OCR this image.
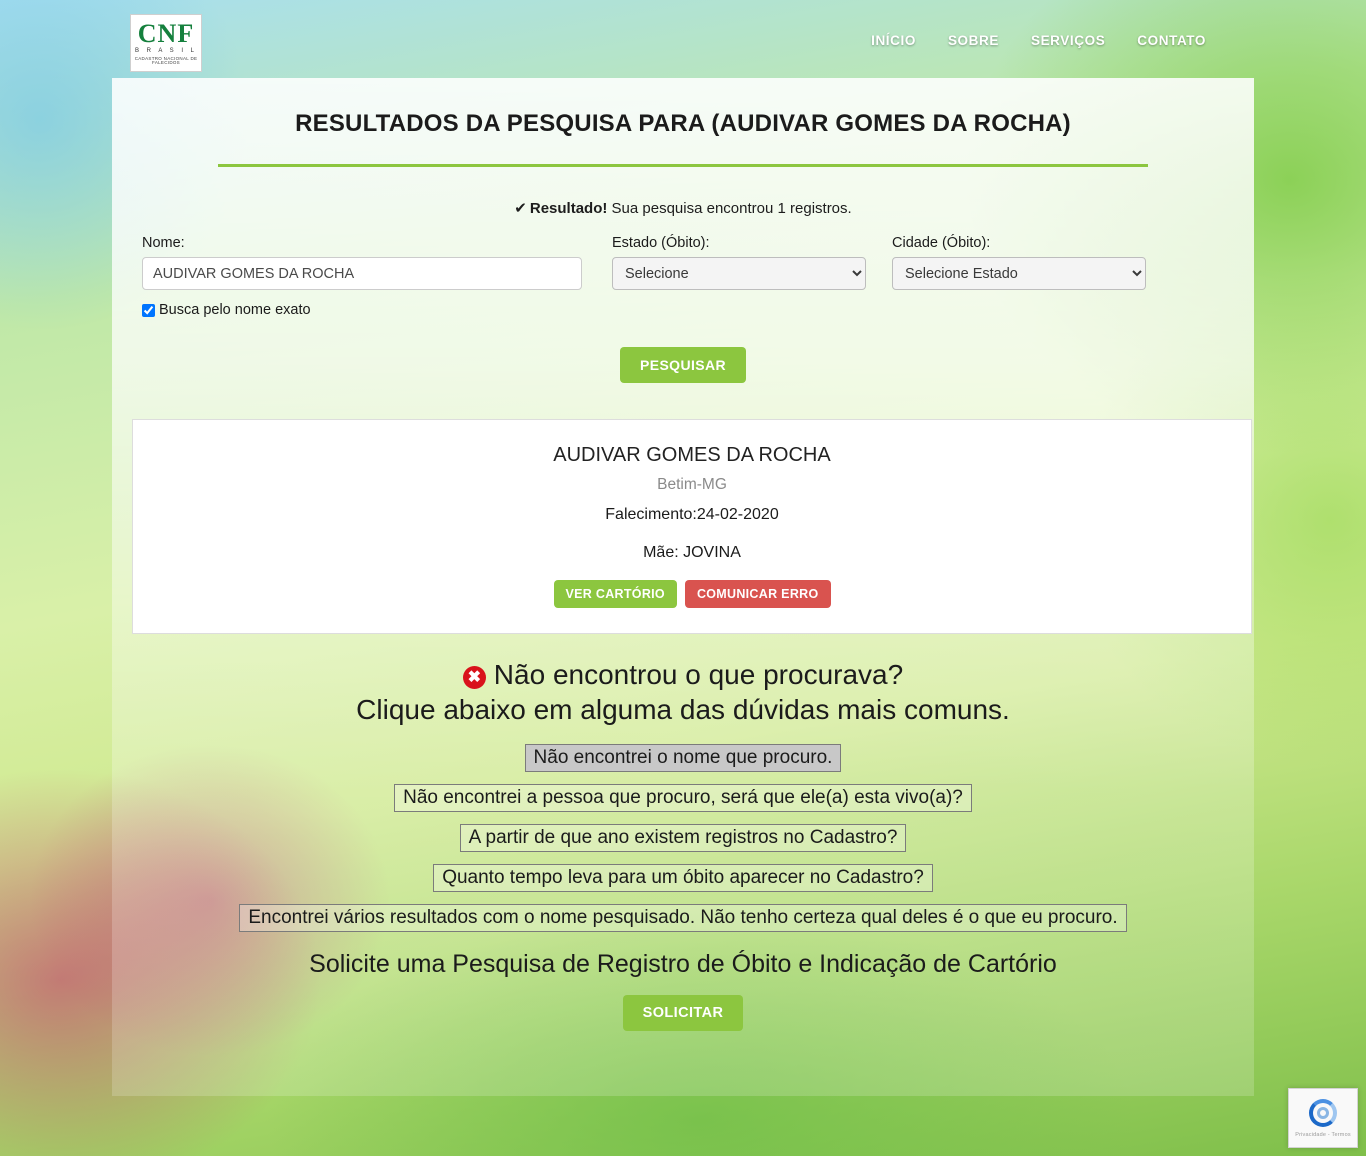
CNF
B R A S I L
CADASTRO NACIONAL DE FALECIDOS
INÍCIO SOBRE SERVIÇOS CONTATO
RESULTADOS DA PESQUISA PARA (AUDIVAR GOMES DA ROCHA)
✔ Resultado! Sua pesquisa encontrou 1 registros.
Nome:
AUDIVAR GOMES DA ROCHA	Estado (Óbito):
Selecione	Cidade (Óbito):
Selecione Estado
Busca pelo nome exato
PESQUISAR
AUDIVAR GOMES DA ROCHA
Betim-MG
Falecimento:24-02-2020
Mãe: JOVINA
VER CARTÓRIO	COMUNICAR ERRO
✖ Não encontrou o que procurava?
Clique abaixo em alguma das dúvidas mais comuns.
Não encontrei o nome que procuro.
Não encontrei a pessoa que procuro, será que ele(a) esta vivo(a)?
A partir de que ano existem registros no Cadastro?
Quanto tempo leva para um óbito aparecer no Cadastro?
Encontrei vários resultados com o nome pesquisado. Não tenho certeza qual deles é o que eu procuro.
Solicite uma Pesquisa de Registro de Óbito e Indicação de Cartório
SOLICITAR
Privacidade - Termos
